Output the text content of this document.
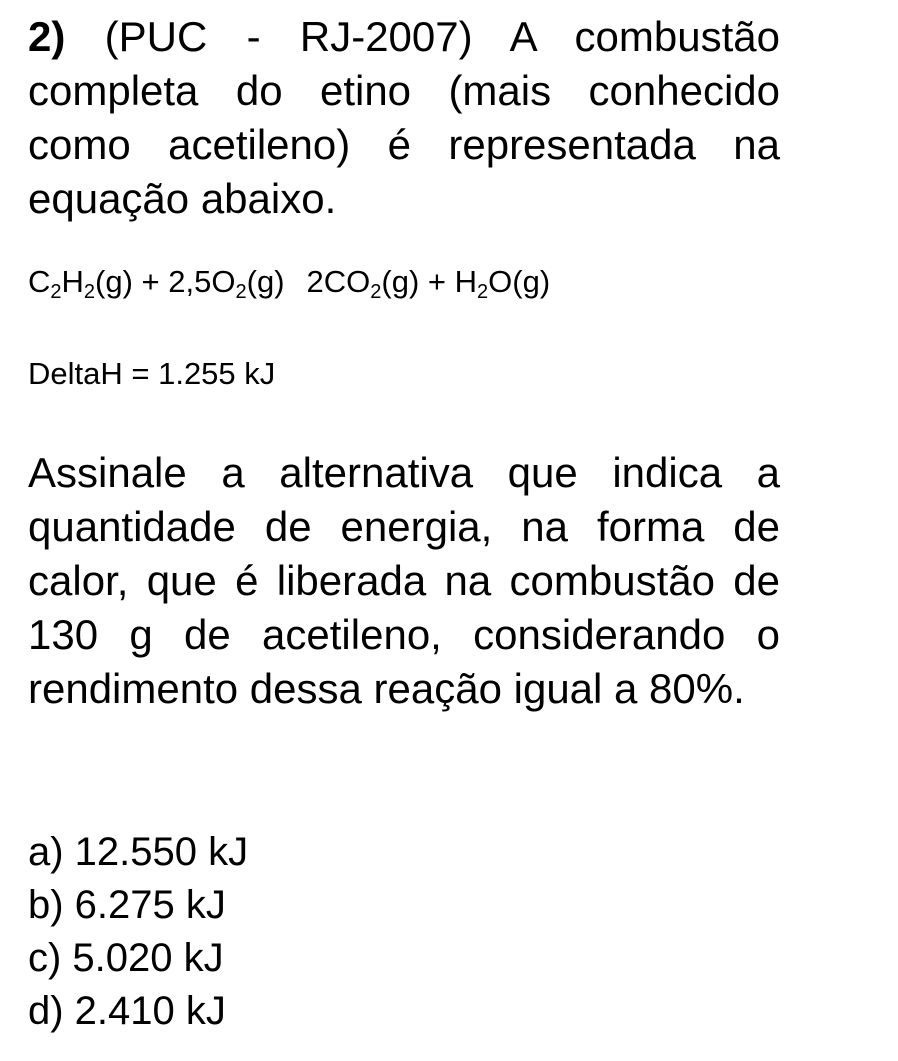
2) (PUC - RJ-2007) A combustão completa do etino (mais conhecido como acetileno) é representada na equação abaixo.

$C_2H_2(g) + 2,5O_2(g) 2CO_2(g) + H_2O(g)$
DeltaH = 1.255 kJ

Assinale a alternativa que indica a quantidade de energia, na forma de calor, que é liberada na combustão de 130 g de acetileno, considerando o rendimento dessa reação igual a 80%.

a) 12.550 kJ
b) 6.275 kJ
c) 5.020 kJ
d) 2.410 kJ
